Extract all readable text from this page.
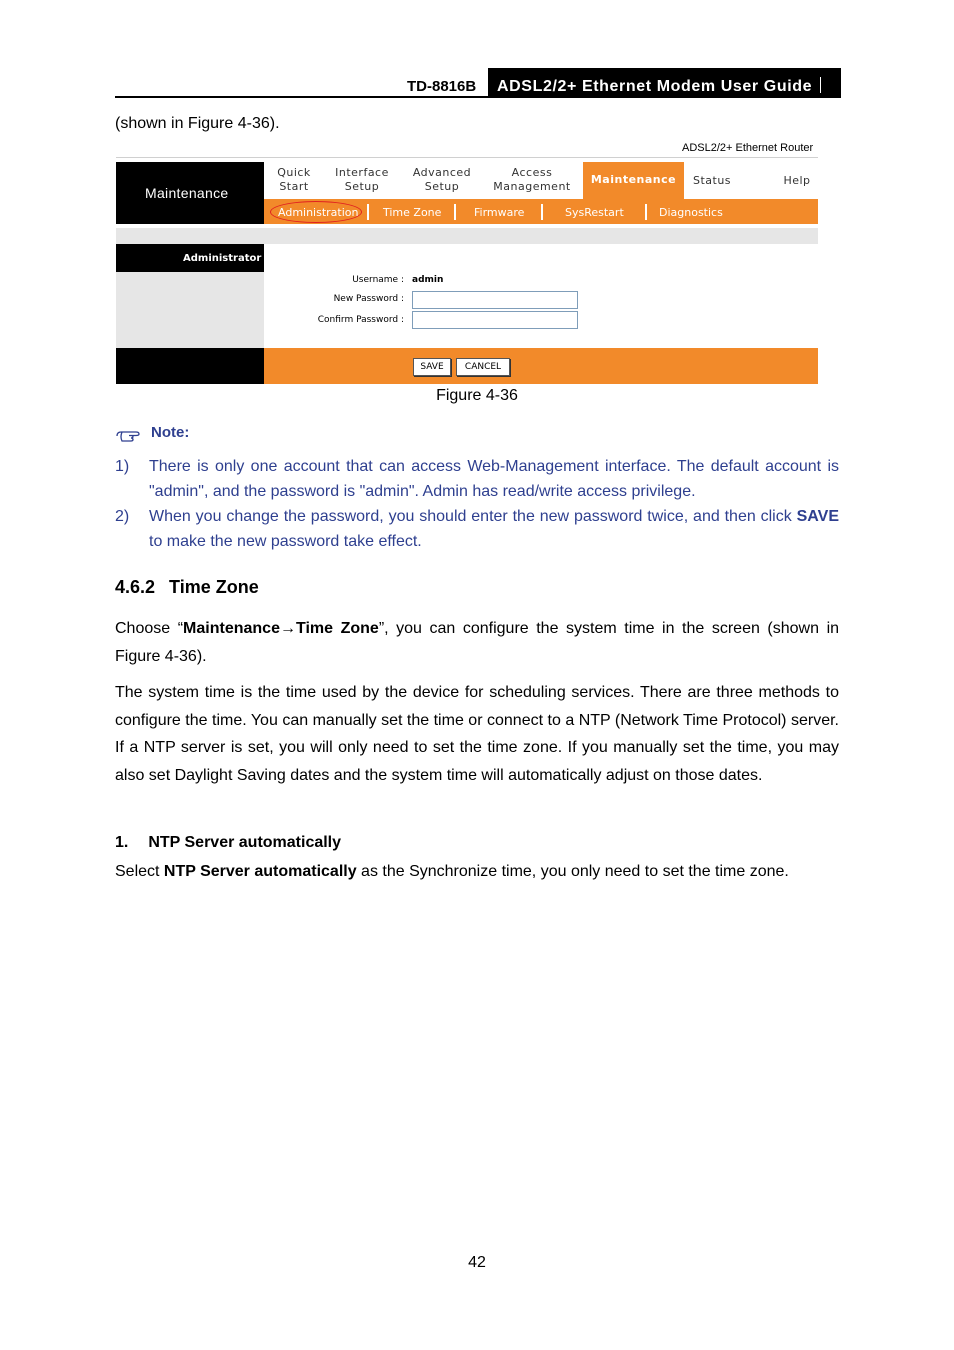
TD-8816B	ADSL2/2+ Ethernet Modem User Guide
(shown in Figure 4-36).
ADSL2/2+ Ethernet Router
Maintenance
Quick
Start
Interface
Setup
Advanced
Setup
Access
Management
Maintenance	Status	Help
Administration Time Zone	Firmware	SysRestart	Diagnostics
Administrator
Username : admin
New Password :
Confirm Password :
SAVE	CANCEL
Figure 4-36
Note:
1) There is only one account that can access Web-Management interface. The default account is "admin", and the password is "admin". Admin has read/write access privilege.
2) When you change the password, you should enter the new password twice, and then click SAVE to make the new password take effect.
4.6.2 Time Zone
Choose “Maintenance→Time Zone”, you can configure the system time in the screen (shown in Figure 4-36).
The system time is the time used by the device for scheduling services. There are three methods to configure the time. You can manually set the time or connect to a NTP (Network Time Protocol) server. If a NTP server is set, you will only need to set the time zone. If you manually set the time, you may also set Daylight Saving dates and the system time will automatically adjust on those dates.
1. NTP Server automatically
Select NTP Server automatically as the Synchronize time, you only need to set the time zone.
42
